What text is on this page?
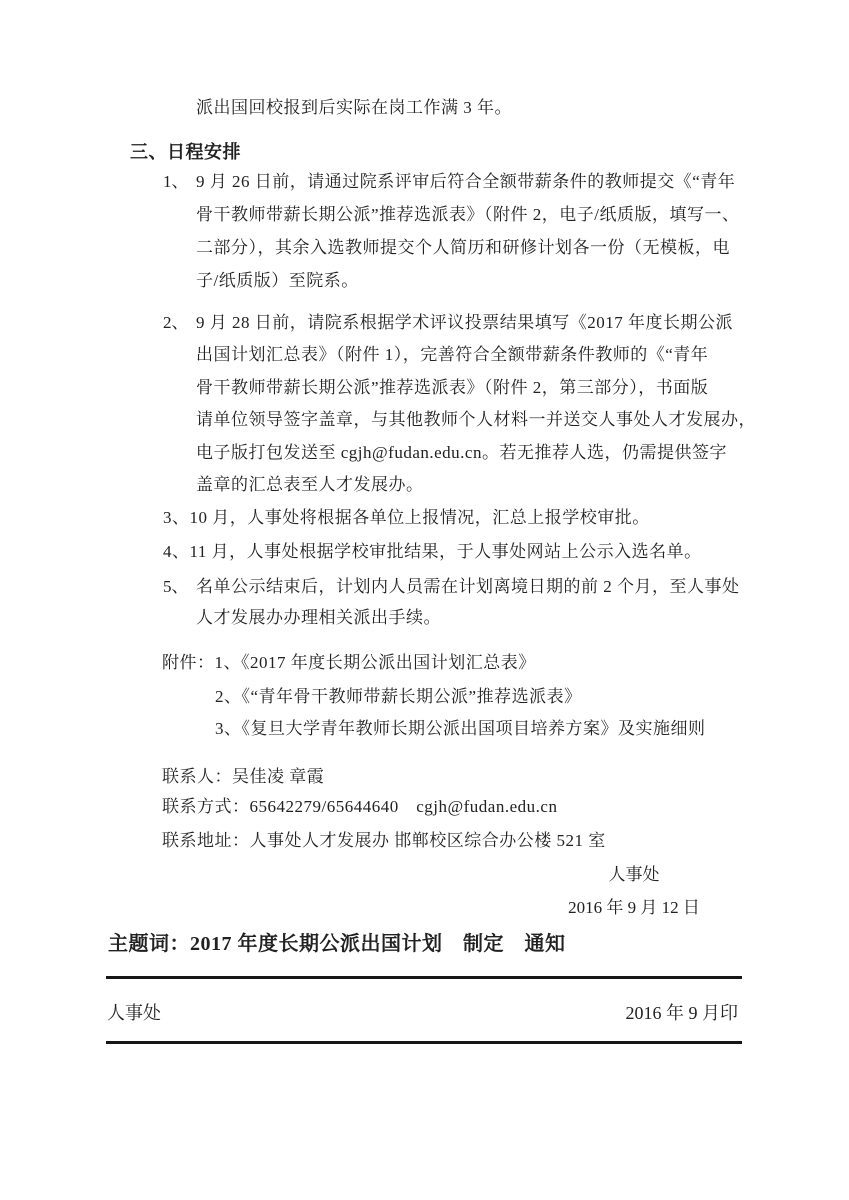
派出国回校报到后实际在岗工作满 3 年。
三、日程安排
1、 9 月 26 日前，请通过院系评审后符合全额带薪条件的教师提交《“青年
骨干教师带薪长期公派”推荐选派表》（附件 2，电子/纸质版，填写一、
二部分），其余入选教师提交个人简历和研修计划各一份（无模板，电
子/纸质版）至院系。
2、 9 月 28 日前，请院系根据学术评议投票结果填写《2017 年度长期公派
出国计划汇总表》（附件 1），完善符合全额带薪条件教师的《“青年
骨干教师带薪长期公派”推荐选派表》（附件 2，第三部分），书面版
请单位领导签字盖章，与其他教师个人材料一并送交人事处人才发展办，
电子版打包发送至 cgjh@fudan.edu.cn。若无推荐人选，仍需提供签字
盖章的汇总表至人才发展办。
3、10 月，人事处将根据各单位上报情况，汇总上报学校审批。
4、11 月，人事处根据学校审批结果，于人事处网站上公示入选名单。
5、 名单公示结束后，计划内人员需在计划离境日期的前 2 个月，至人事处
人才发展办办理相关派出手续。
附件：1、《2017 年度长期公派出国计划汇总表》
2、《“青年骨干教师带薪长期公派”推荐选派表》
3、《复旦大学青年教师长期公派出国项目培养方案》及实施细则
联系人：吴佳凌 章霞
联系方式：65642279/65644640　cgjh@fudan.edu.cn
联系地址：人事处人才发展办 邯郸校区综合办公楼 521 室
人事处
2016 年 9 月 12 日
主题词：2017 年度长期公派出国计划　制定　通知
人事处	2016 年 9 月印
